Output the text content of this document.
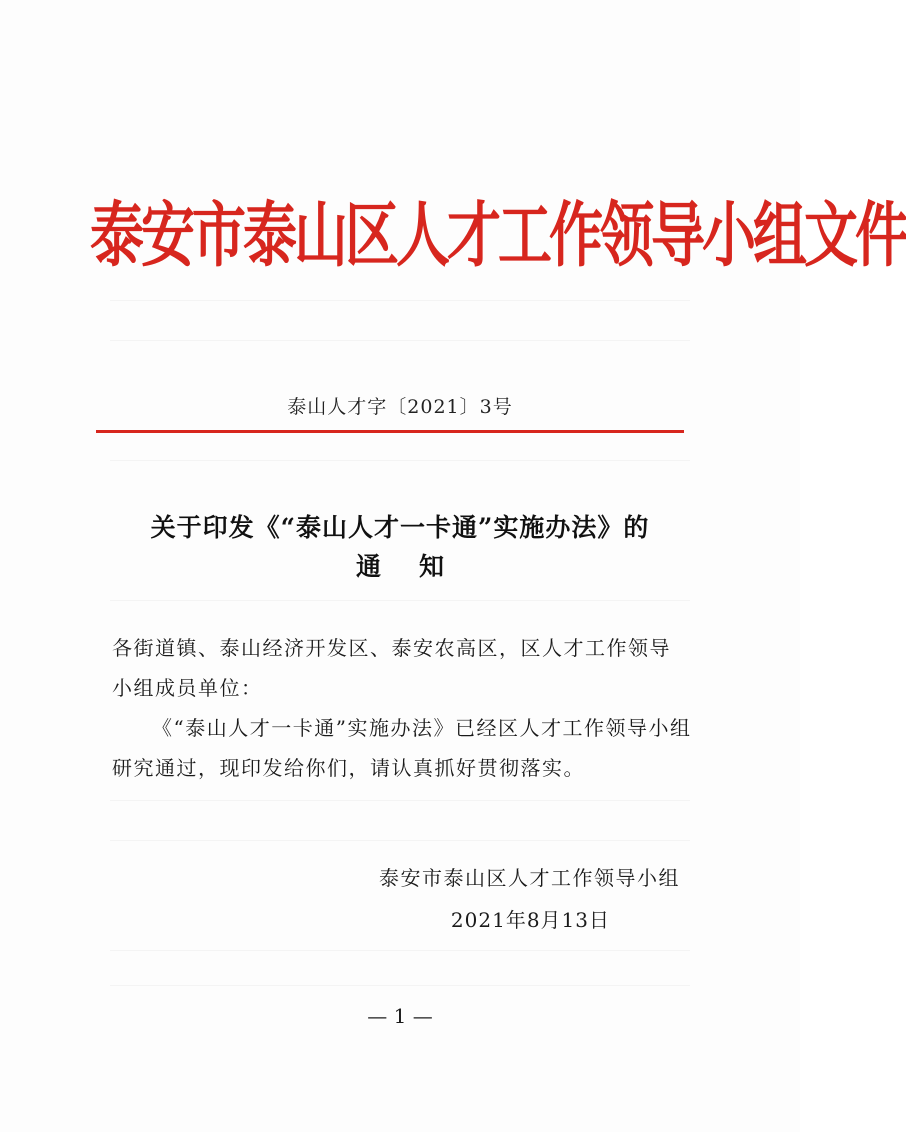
泰安市泰山区人才工作领导小组文件
泰山人才字〔2021〕3号
关于印发《“泰山人才一卡通”实施办法》的
通知
各街道镇、泰山经济开发区、泰安农高区，区人才工作领导小组成员单位：
《“泰山人才一卡通”实施办法》已经区人才工作领导小组研究通过，现印发给你们，请认真抓好贯彻落实。
泰安市泰山区人才工作领导小组
2021年8月13日
— 1 —
